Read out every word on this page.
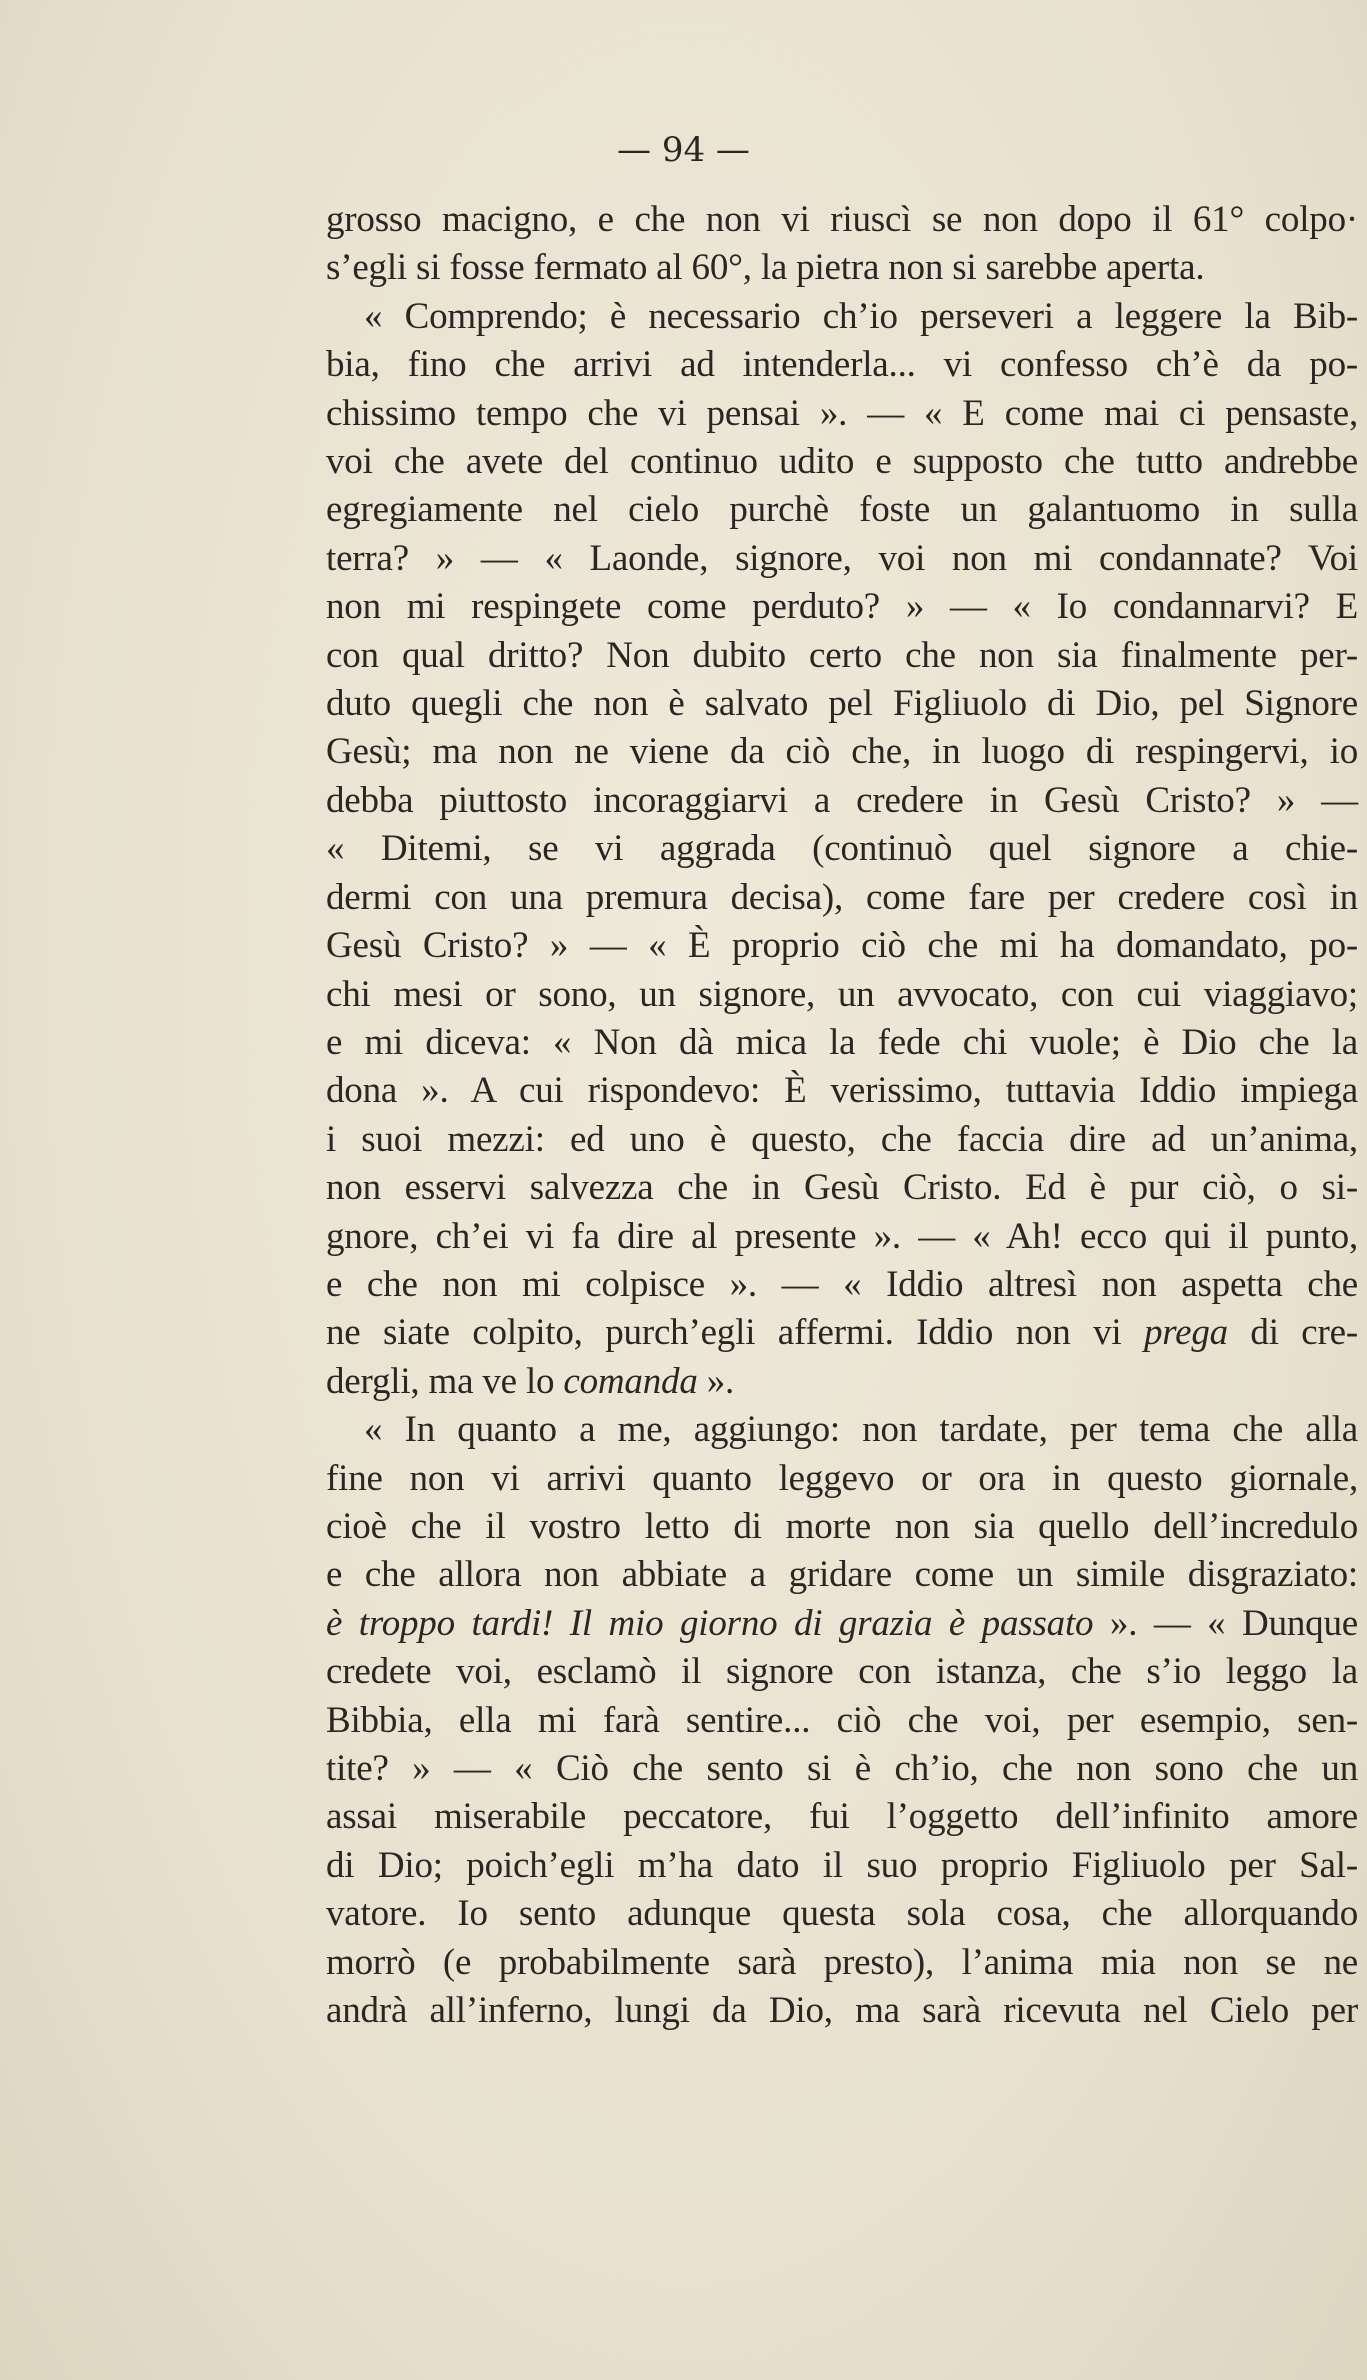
— 94 —
grosso macigno, e che non vi riuscì se non dopo il 61° colpo·
s’egli si fosse fermato al 60°, la pietra non si sarebbe aperta.
« Comprendo; è necessario ch’io perseveri a leggere la Bib-
bia, fino che arrivi ad intenderla... vi confesso ch’è da po-
chissimo tempo che vi pensai ». — « E come mai ci pensaste,
voi che avete del continuo udito e supposto che tutto andrebbe
egregiamente nel cielo purchè foste un galantuomo in sulla
terra? » — « Laonde, signore, voi non mi condannate? Voi
non mi respingete come perduto? » — « Io condannarvi? E
con qual dritto? Non dubito certo che non sia finalmente per-
duto quegli che non è salvato pel Figliuolo di Dio, pel Signore
Gesù; ma non ne viene da ciò che, in luogo di respingervi, io
debba piuttosto incoraggiarvi a credere in Gesù Cristo? » —
« Ditemi, se vi aggrada (continuò quel signore a chie-
dermi con una premura decisa), come fare per credere così in
Gesù Cristo? » — « È proprio ciò che mi ha domandato, po-
chi mesi or sono, un signore, un avvocato, con cui viaggiavo;
e mi diceva: « Non dà mica la fede chi vuole; è Dio che la
dona ». A cui rispondevo: È verissimo, tuttavia Iddio impiega
i suoi mezzi: ed uno è questo, che faccia dire ad un’anima,
non esservi salvezza che in Gesù Cristo. Ed è pur ciò, o si-
gnore, ch’ei vi fa dire al presente ». — « Ah! ecco qui il punto,
e che non mi colpisce ». — « Iddio altresì non aspetta che
ne siate colpito, purch’egli affermi. Iddio non vi prega di cre-
dergli, ma ve lo comanda ».
« In quanto a me, aggiungo: non tardate, per tema che alla
fine non vi arrivi quanto leggevo or ora in questo giornale,
cioè che il vostro letto di morte non sia quello dell’incredulo
e che allora non abbiate a gridare come un simile disgraziato:
è troppo tardi! Il mio giorno di grazia è passato ». — « Dunque
credete voi, esclamò il signore con istanza, che s’io leggo la
Bibbia, ella mi farà sentire... ciò che voi, per esempio, sen-
tite? » — « Ciò che sento si è ch’io, che non sono che un
assai miserabile peccatore, fui l’oggetto dell’infinito amore
di Dio; poich’egli m’ha dato il suo proprio Figliuolo per Sal-
vatore. Io sento adunque questa sola cosa, che allorquando
morrò (e probabilmente sarà presto), l’anima mia non se ne
andrà all’inferno, lungi da Dio, ma sarà ricevuta nel Cielo per
